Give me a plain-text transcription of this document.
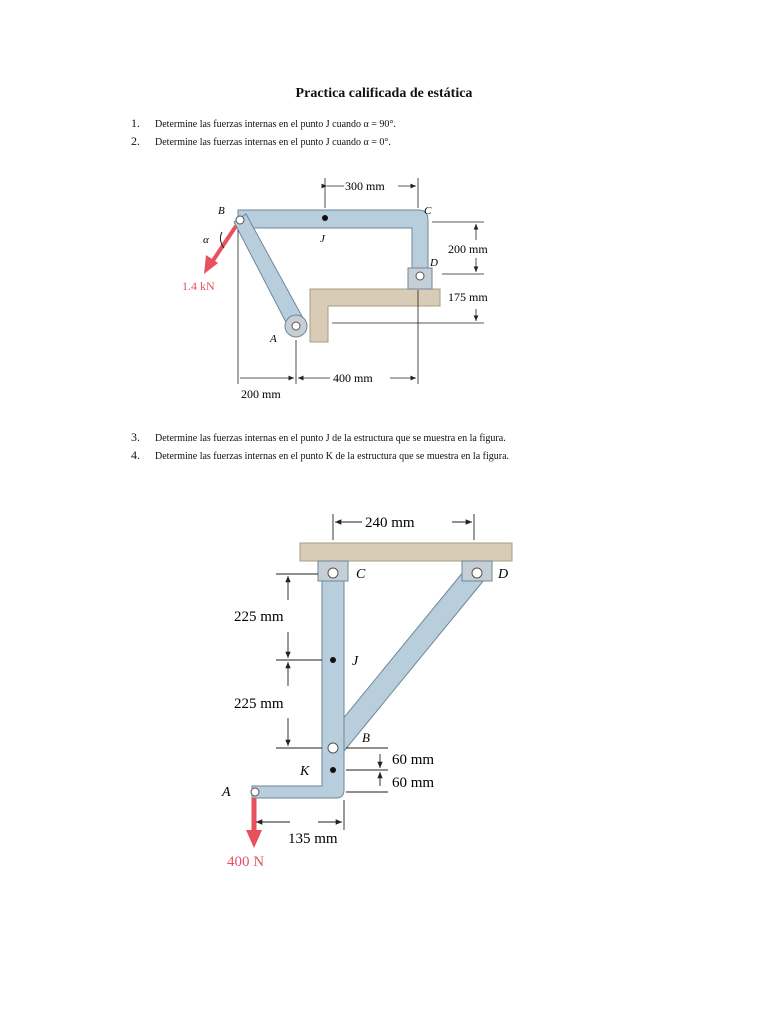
Practica calificada de estática
1. Determine las fuerzas internas en el punto J cuando α = 90°.
2. Determine las fuerzas internas en el punto J cuando α = 0°.
300 mm
200 mm
175 mm
400 mm
200 mm
1.4 kN
B	C
D
J
A
α
3. Determine las fuerzas internas en el punto J de la estructura que se muestra en la figura.
4. Determine las fuerzas internas en el punto K de la estructura que se muestra en la figura.
240 mm
225 mm
225 mm
60 mm
60 mm
135 mm
400 N
C	D
J
B
K
A
